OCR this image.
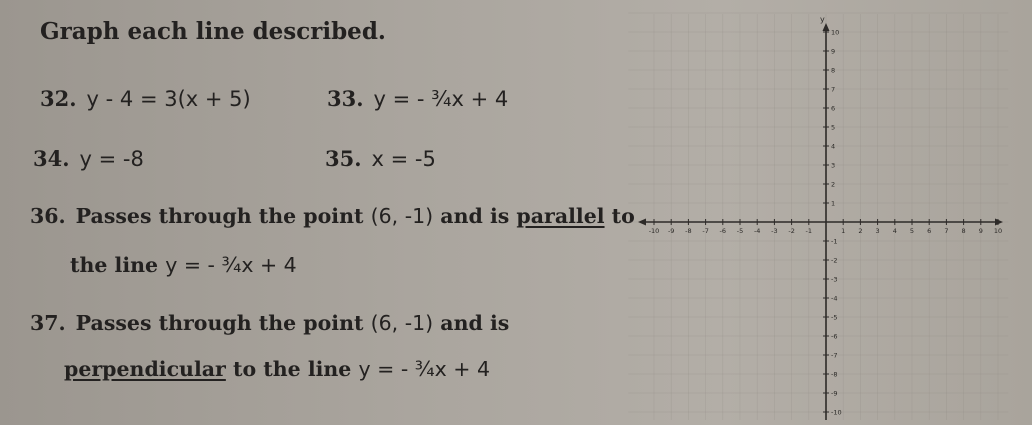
Graph each line described.
32. y - 4 = 3(x + 5)	33. y = - ¾x + 4
34. y = -8	35. x = -5
36. Passes through the point (6, -1) and is parallel to
the line y = - ¾x + 4
37. Passes through the point (6, -1) and is
perpendicular to the line y = - ¾x + 4
y
-10 -9 -8 -7 -6 -5 -4 -3 -2 -1	1 2 3 4 5 6 7 8 9 10
10
9
8
7
6
5
4
3
2
1
-1
-2
-3
-4
-5
-6
-7
-8
-9
-10
